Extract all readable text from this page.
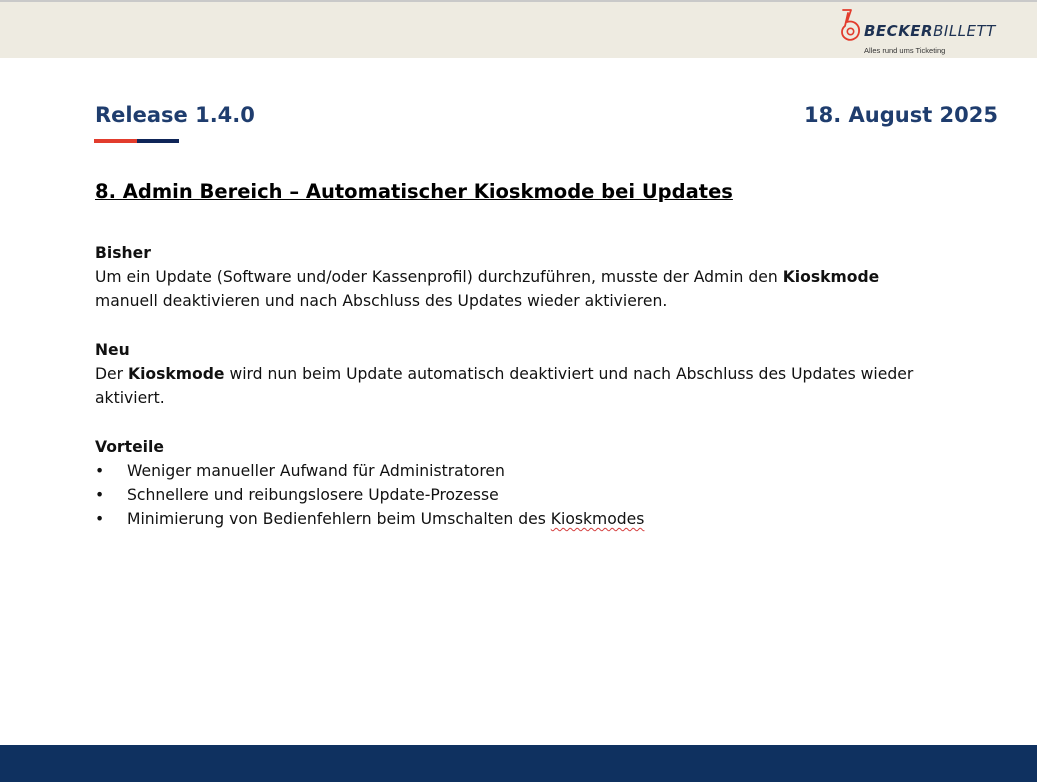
BECKERBILLETT
Alles rund ums Ticketing
Release 1.4.0	18. August 2025
8. Admin Bereich – Automatischer Kioskmode bei Updates

Bisher

Um ein Update (Software und/oder Kassenprofil) durchzuführen, musste der Admin den Kioskmode
manuell deaktivieren und nach Abschluss des Updates wieder aktivieren.

Neu

Der Kioskmode wird nun beim Update automatisch deaktiviert und nach Abschluss des Updates wieder aktiviert.

Vorteile

• Weniger manueller Aufwand für Administratoren
• Schnellere und reibungslosere Update-Prozesse
• Minimierung von Bedienfehlern beim Umschalten des Kioskmodes
